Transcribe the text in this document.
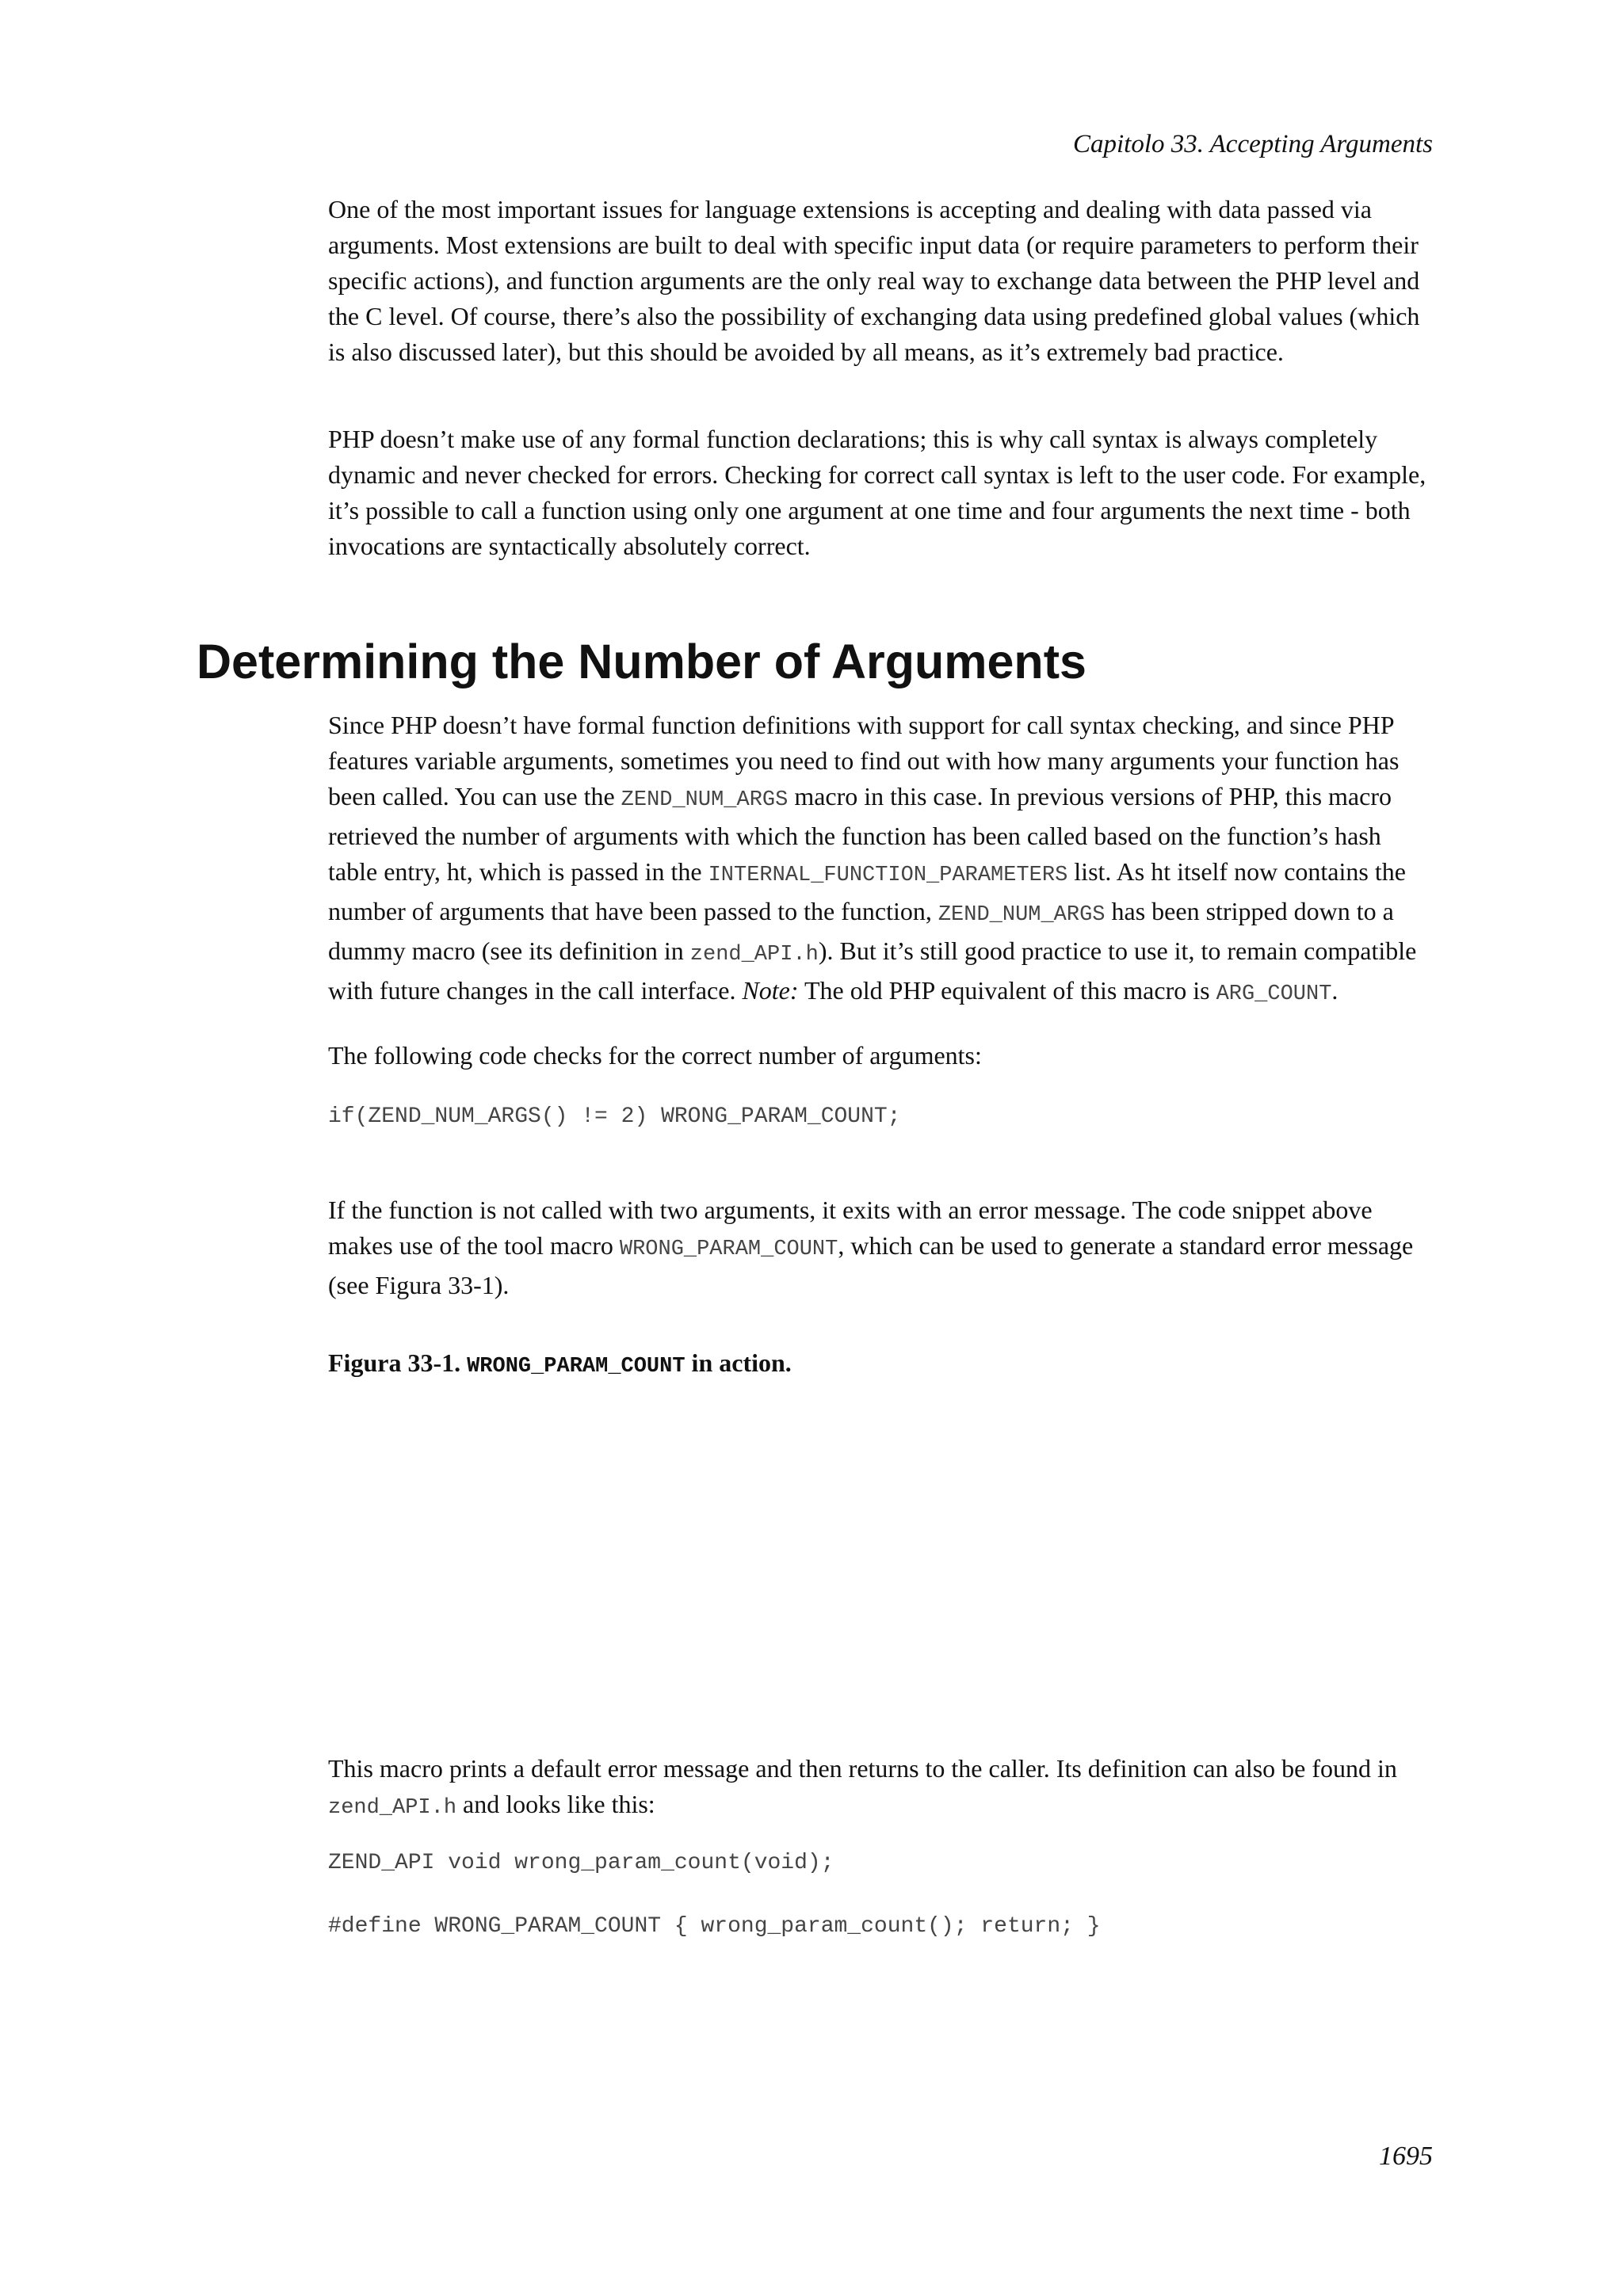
Capitolo 33. Accepting Arguments

One of the most important issues for language extensions is accepting and dealing with data passed via arguments. Most extensions are built to deal with specific input data (or require parameters to perform their specific actions), and function arguments are the only real way to exchange data between the PHP level and the C level. Of course, there’s also the possibility of exchanging data using predefined global values (which is also discussed later), but this should be avoided by all means, as it’s extremely bad practice.

PHP doesn’t make use of any formal function declarations; this is why call syntax is always completely dynamic and never checked for errors. Checking for correct call syntax is left to the user code. For example, it’s possible to call a function using only one argument at one time and four arguments the next time - both invocations are syntactically absolutely correct.

Determining the Number of Arguments

Since PHP doesn’t have formal function definitions with support for call syntax checking, and since PHP features variable arguments, sometimes you need to find out with how many arguments your function has been called. You can use the ZEND_NUM_ARGS macro in this case. In previous versions of PHP, this macro retrieved the number of arguments with which the function has been called based on the function’s hash table entry, ht, which is passed in the INTERNAL_FUNCTION_PARAMETERS list. As ht itself now contains the number of arguments that have been passed to the function, ZEND_NUM_ARGS has been stripped down to a dummy macro (see its definition in zend_API.h). But it’s still good practice to use it, to remain compatible with future changes in the call interface. Note: The old PHP equivalent of this macro is ARG_COUNT.

The following code checks for the correct number of arguments:

if(ZEND_NUM_ARGS() != 2) WRONG_PARAM_COUNT;

If the function is not called with two arguments, it exits with an error message. The code snippet above makes use of the tool macro WRONG_PARAM_COUNT, which can be used to generate a standard error message (see Figura 33-1).

Figura 33-1. WRONG_PARAM_COUNT in action.

This macro prints a default error message and then returns to the caller. Its definition can also be found in zend_API.h and looks like this:

ZEND_API void wrong_param_count(void);
#define WRONG_PARAM_COUNT { wrong_param_count(); return; }
1695
